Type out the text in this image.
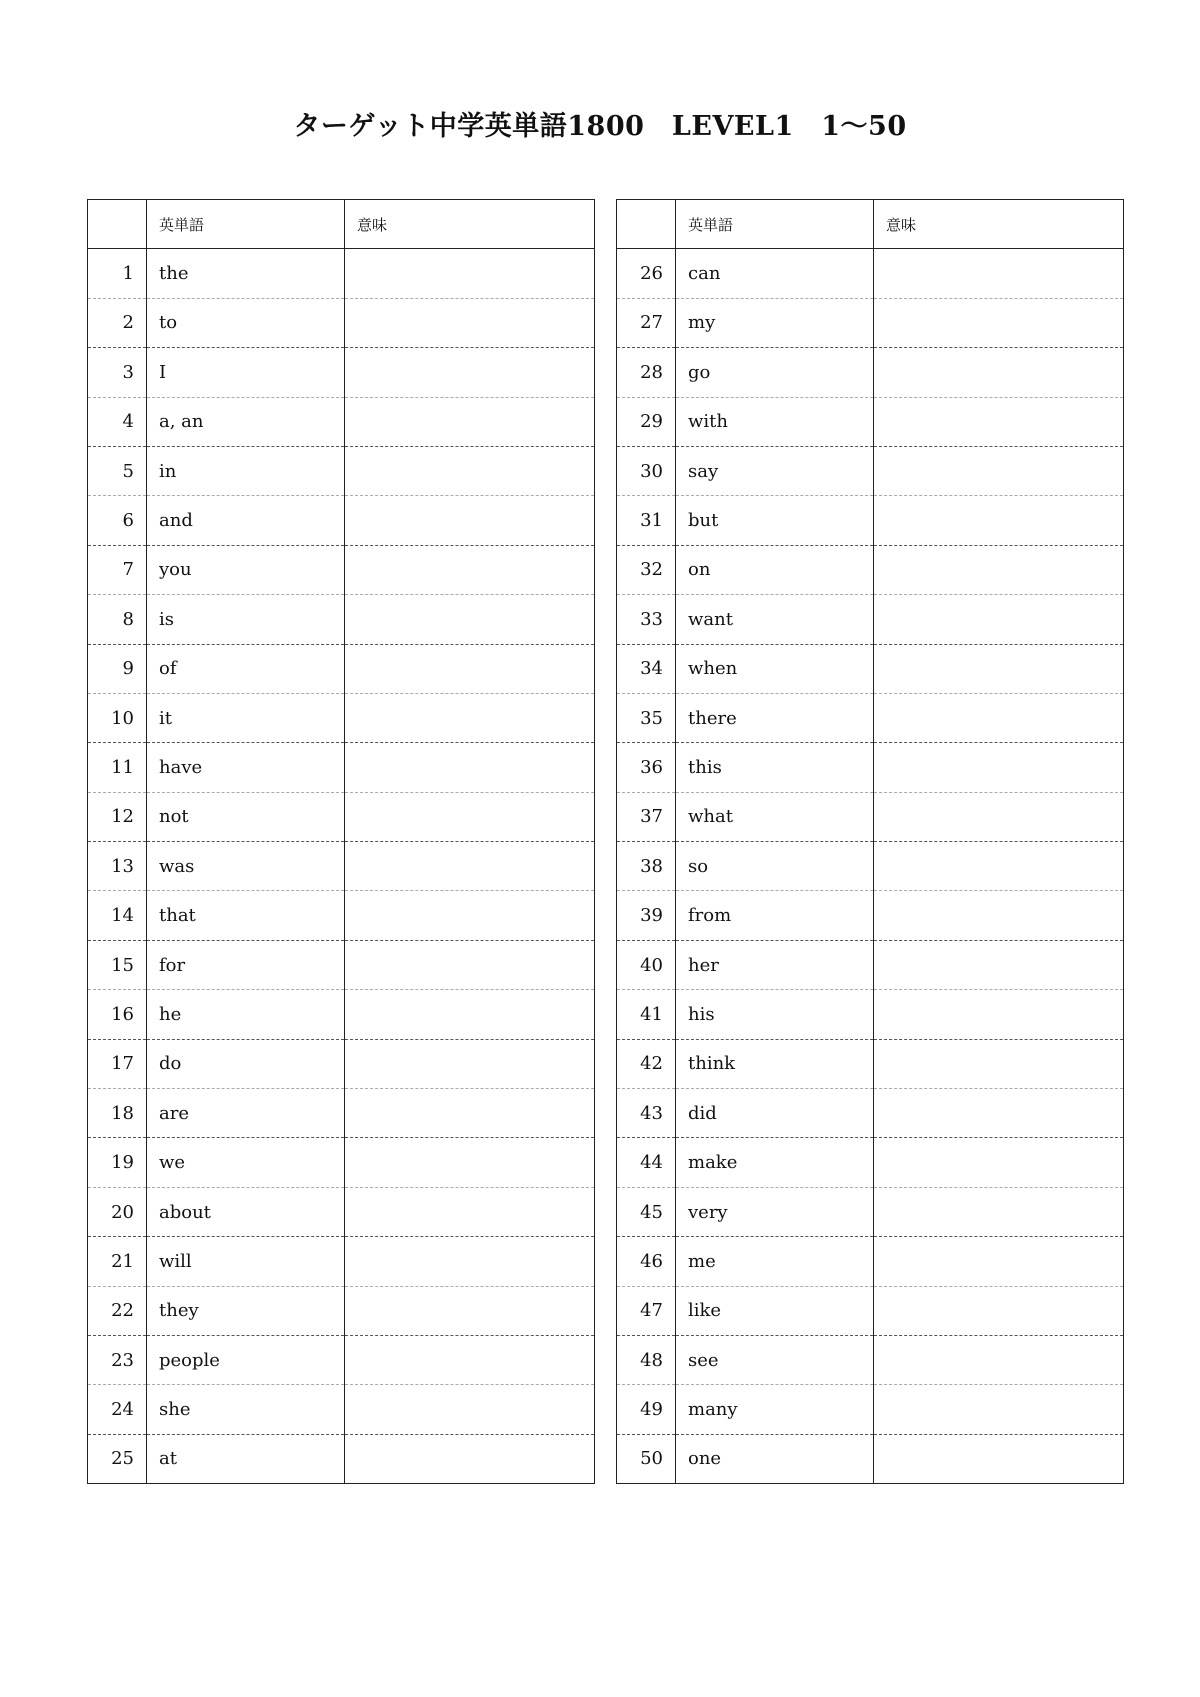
ターゲット中学英単語1800　LEVEL1　1～50
	英単語	意味
1	the	
2	to	
3	I	
4	a, an	
5	in	
6	and	
7	you	
8	is	
9	of	
10	it	
11	have	
12	not	
13	was	
14	that	
15	for	
16	he	
17	do	
18	are	
19	we	
20	about	
21	will	
22	they	
23	people	
24	she	
25	at	
	英単語	意味
26	can	
27	my	
28	go	
29	with	
30	say	
31	but	
32	on	
33	want	
34	when	
35	there	
36	this	
37	what	
38	so	
39	from	
40	her	
41	his	
42	think	
43	did	
44	make	
45	very	
46	me	
47	like	
48	see	
49	many	
50	one	
